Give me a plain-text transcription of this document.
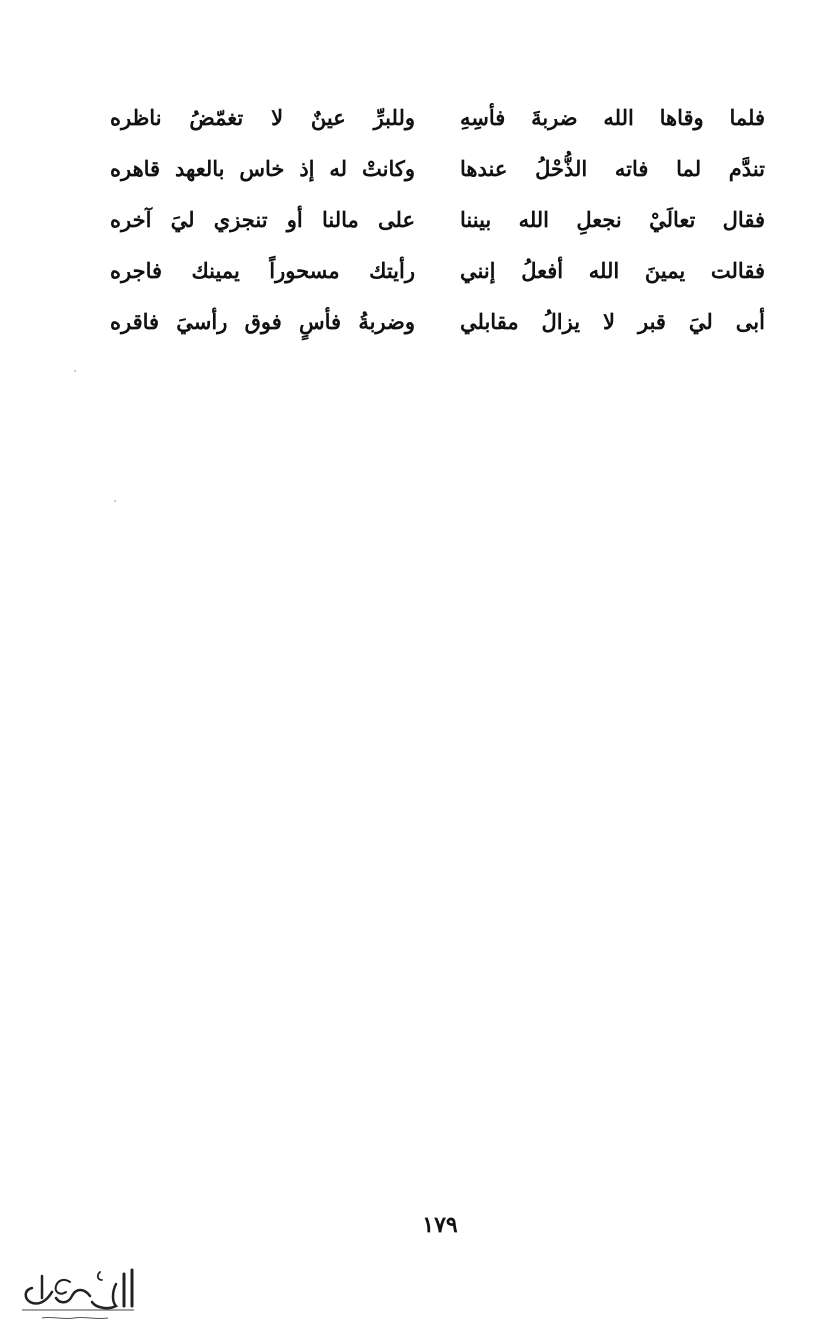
فلما وقاها الله ضربةَ فأسِهِ
وللبرِّ عينٌ لا تغمّضُ ناظره
تندَّم لما فاته الذُّحْلُ عندها
وكانتْ له إذ خاس بالعهد قاهره
فقال تعالَيْ نجعلِ الله بيننا
على مالنا أو تنجزي ليَ آخره
فقالت يمينَ الله أفعلُ إنني
رأيتك مسحوراً يمينك فاجره
أبى ليَ قبر لا يزالُ مقابلي
وضربةُ فأسٍ فوق رأسيَ فاقره
١٧٩
